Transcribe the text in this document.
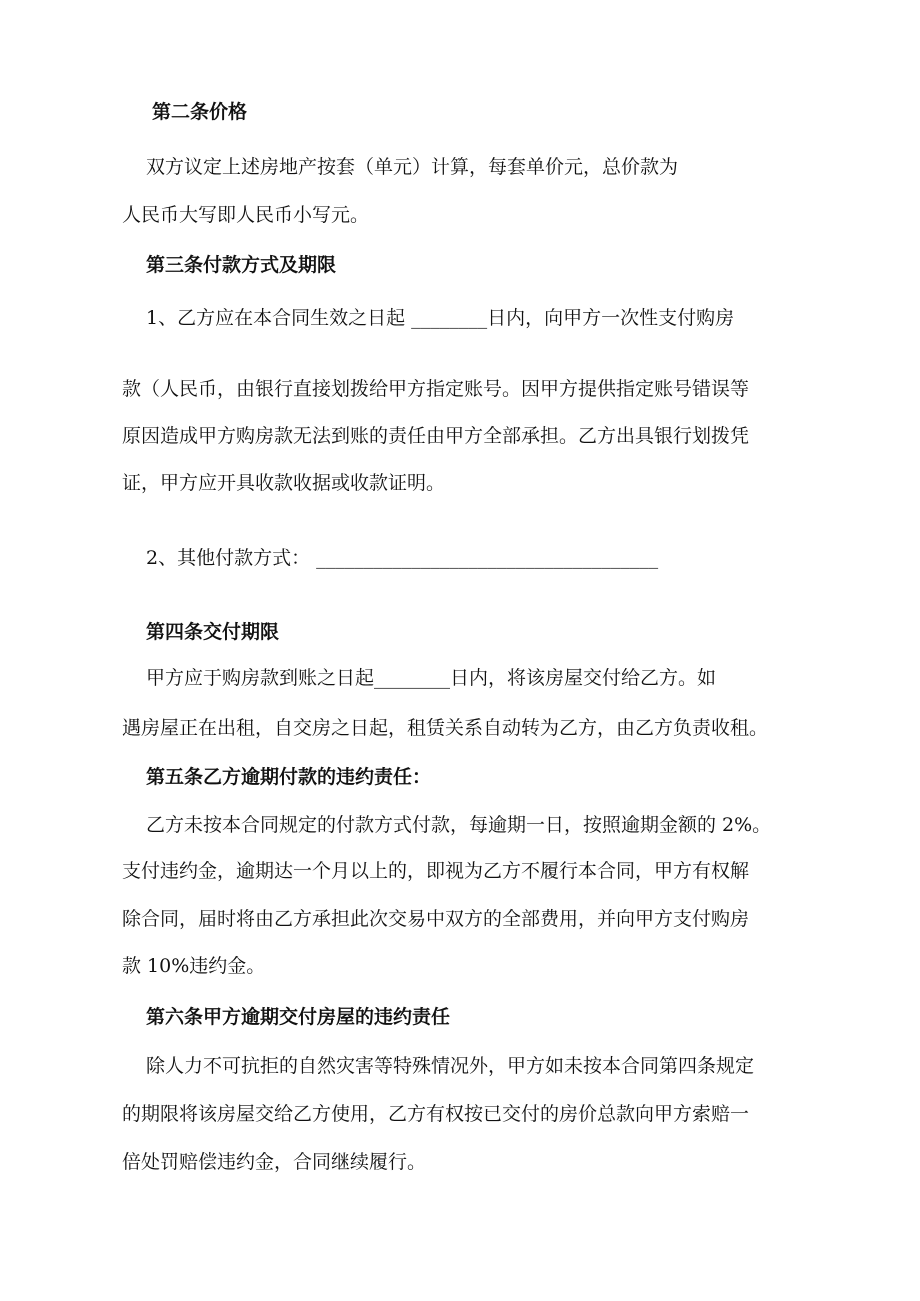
第二条价格
双方议定上述房地产按套（单元）计算，每套单价元，总价款为
人民币大写即人民币小写元。
第三条付款方式及期限
1、乙方应在本合同生效之日起 ________日内，向甲方一次性支付购房
款（人民币，由银行直接划拨给甲方指定账号。因甲方提供指定账号错误等
原因造成甲方购房款无法到账的责任由甲方全部承担。乙方出具银行划拨凭
证，甲方应开具收款收据或收款证明。
2、其他付款方式： ____________________________________
第四条交付期限
甲方应于购房款到账之日起________日内，将该房屋交付给乙方。如
遇房屋正在出租，自交房之日起，租赁关系自动转为乙方，由乙方负责收租。
第五条乙方逾期付款的违约责任：
乙方未按本合同规定的付款方式付款，每逾期一日，按照逾期金额的 2%。
支付违约金，逾期达一个月以上的，即视为乙方不履行本合同，甲方有权解
除合同，届时将由乙方承担此次交易中双方的全部费用，并向甲方支付购房
款 10%违约金。
第六条甲方逾期交付房屋的违约责任
除人力不可抗拒的自然灾害等特殊情况外，甲方如未按本合同第四条规定
的期限将该房屋交给乙方使用，乙方有权按已交付的房价总款向甲方索赔一
倍处罚赔偿违约金，合同继续履行。
